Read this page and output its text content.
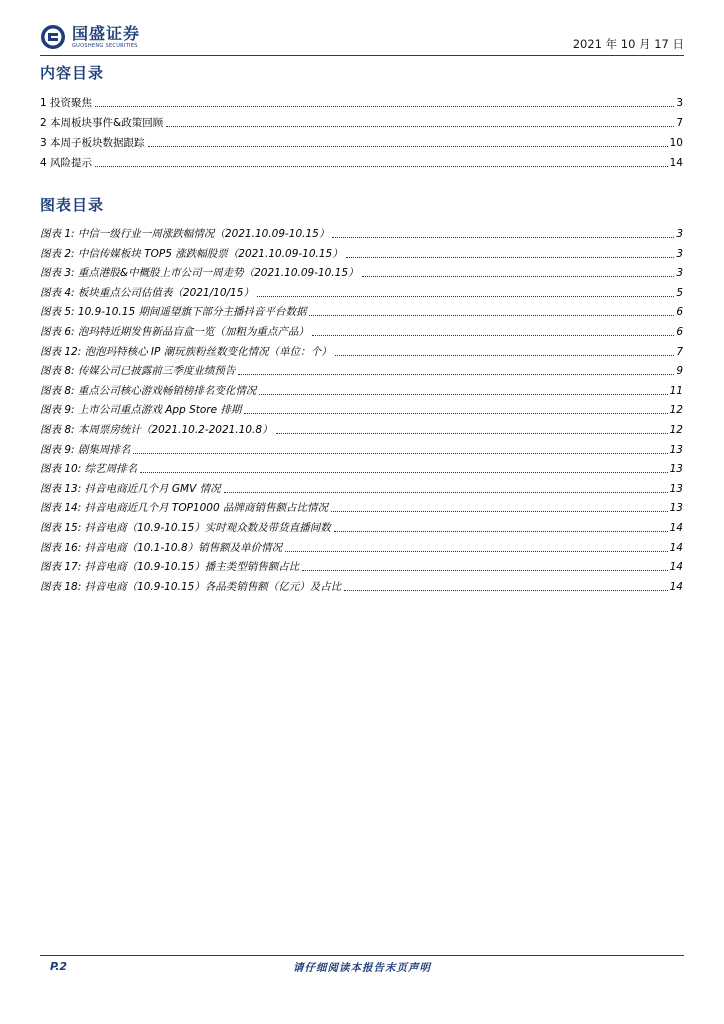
国盛证券
GUOSHENG SECURITIES	2021 年 10 月 17 日
内容目录
1 投资聚焦	3
2 本周板块事件&政策回顾	7
3 本周子板块数据跟踪	10
4 风险提示	14
图表目录
图表 1: 中信一级行业一周涨跌幅情况（2021.10.09-10.15）	3
图表 2: 中信传媒板块 TOP5 涨跌幅股票（2021.10.09-10.15）	3
图表 3: 重点港股&中概股上市公司一周走势（2021.10.09-10.15）	3
图表 4: 板块重点公司估值表（2021/10/15）	5
图表 5: 10.9-10.15 期间遥望旗下部分主播抖音平台数据	6
图表 6: 泡玛特近期发售新品盲盒一览（加粗为重点产品）	6
图表 12: 泡泡玛特核心 IP 潮玩族粉丝数变化情况（单位：个）	7
图表 8: 传媒公司已披露前三季度业绩预告	9
图表 8: 重点公司核心游戏畅销榜排名变化情况	11
图表 9: 上市公司重点游戏 App Store 排期	12
图表 8: 本周票房统计（2021.10.2-2021.10.8）	12
图表 9: 剧集周排名	13
图表 10: 综艺周排名	13
图表 13: 抖音电商近几个月 GMV 情况	13
图表 14: 抖音电商近几个月 TOP1000 品牌商销售额占比情况	13
图表 15: 抖音电商（10.9-10.15）实时观众数及带货直播间数	14
图表 16: 抖音电商（10.1-10.8）销售额及单价情况	14
图表 17: 抖音电商（10.9-10.15）播主类型销售额占比	14
图表 18: 抖音电商（10.9-10.15）各品类销售额（亿元）及占比	14
P.2	请仔细阅读本报告末页声明
